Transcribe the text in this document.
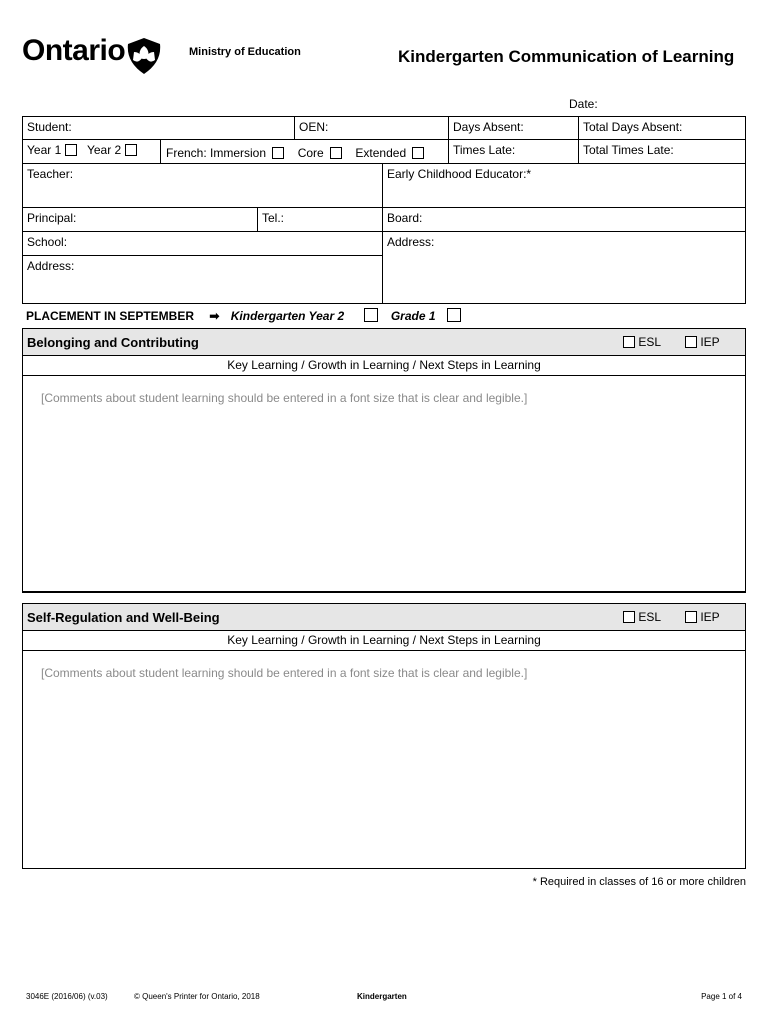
Ontario	Ministry of Education	Kindergarten Communication of Learning
Date:
Student:	OEN:	Days Absent:	Total Days Absent:
Year 1 Year 2	French: Immersion	Core	Extended	Times Late:	Total Times Late:
Teacher:	Early Childhood Educator:*
Principal:	Tel.:	Board:
School:	Address:
Address:
PLACEMENT IN SEPTEMBER ➡ Kindergarten Year 2	Grade 1
Belonging and Contributing	ESL	IEP
Key Learning / Growth in Learning / Next Steps in Learning
[Comments about student learning should be entered in a font size that is clear and legible.]
Self-Regulation and Well-Being	ESL	IEP
Key Learning / Growth in Learning / Next Steps in Learning
[Comments about student learning should be entered in a font size that is clear and legible.]
* Required in classes of 16 or more children
3046E (2016/06) (v.03)	© Queen's Printer for Ontario, 2018	Kindergarten	Page 1 of 4
